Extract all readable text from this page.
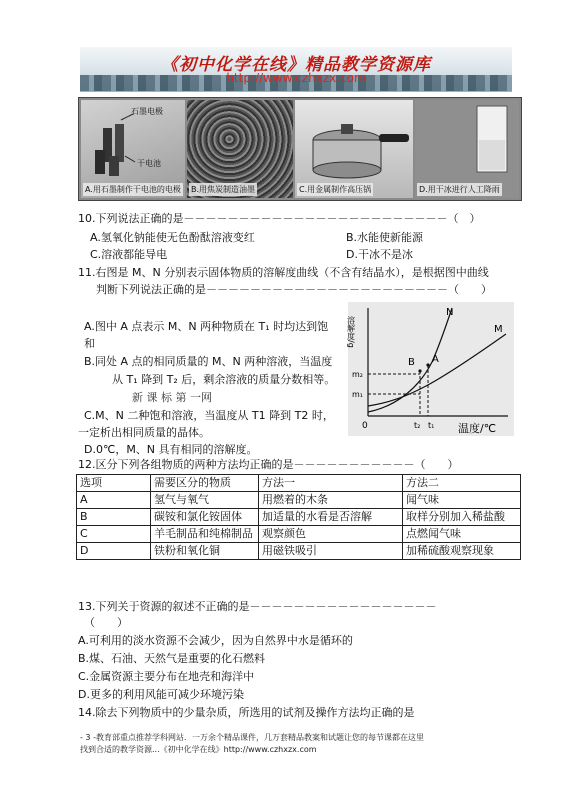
《初中化学在线》精品教学资源库
http://www.czhxzx.com
石墨电极
干电池
A.用石墨制作干电池的电极 B.用焦炭制造油墨	C.用金属制作高压锅	D.用干冰进行人工降雨
10.下列说法正确的是－－－－－－－－－－－－－－－－－－－－－－－－（　）
A.氢氧化钠能使无色酚酞溶液变红	B.水能使新能源
C.溶液都能导电	D.干冰不是冰
11.右图是 M、N 分别表示固体物质的溶解度曲线（不含有结晶水），是根据图中曲线
判断下列说法正确的是－－－－－－－－－－－－－－－－－－－－－－（　　）
A.图中 A 点表示 M、N 两种物质在 T₁ 时均达到饱
和
B.同处 A 点的相同质量的 M、N 两种溶液，当温度
从 T₁ 降到 T₂ 后，剩余溶液的质量分数相等。
新 课 标 第 一网
C.M、N 二种饱和溶液，当温度从 T1 降到 T2 时，
一定析出相同质量的晶体。
D.0℃，M、N 具有相同的溶解度。
溶解度/g
温度/℃
0
m₂
m₁
t₂ t₁
N
M
B A
12.区分下列各组物质的两种方法均正确的是－－－－－－－－－－－（　　）
选项	需要区分的物质	方法一	方法二
A	氢气与氧气	用燃着的木条	闻气味
B	碳铵和氯化铵固体	加适量的水看是否溶解	取样分别加入稀盐酸
C	羊毛制品和纯棉制品	观察颜色	点燃闻气味
D	铁粉和氧化铜	用磁铁吸引	加稀硫酸观察现象
13.下列关于资源的叙述不正确的是－－－－－－－－－－－－－－－－－
（　　）
A.可利用的淡水资源不会减少，因为自然界中水是循环的
B.煤、石油、天然气是重要的化石燃料
C.金属资源主要分布在地壳和海洋中
D.更多的利用风能可减少环境污染
14.除去下列物质中的少量杂质，所选用的试剂及操作方法均正确的是
- 3 -教育部重点推荐学科网站．一万余个精品课件，几万套精品教案和试题让您的每节课都在这里
找到合适的教学资源...《初中化学在线》http://www.czhxzx.com
